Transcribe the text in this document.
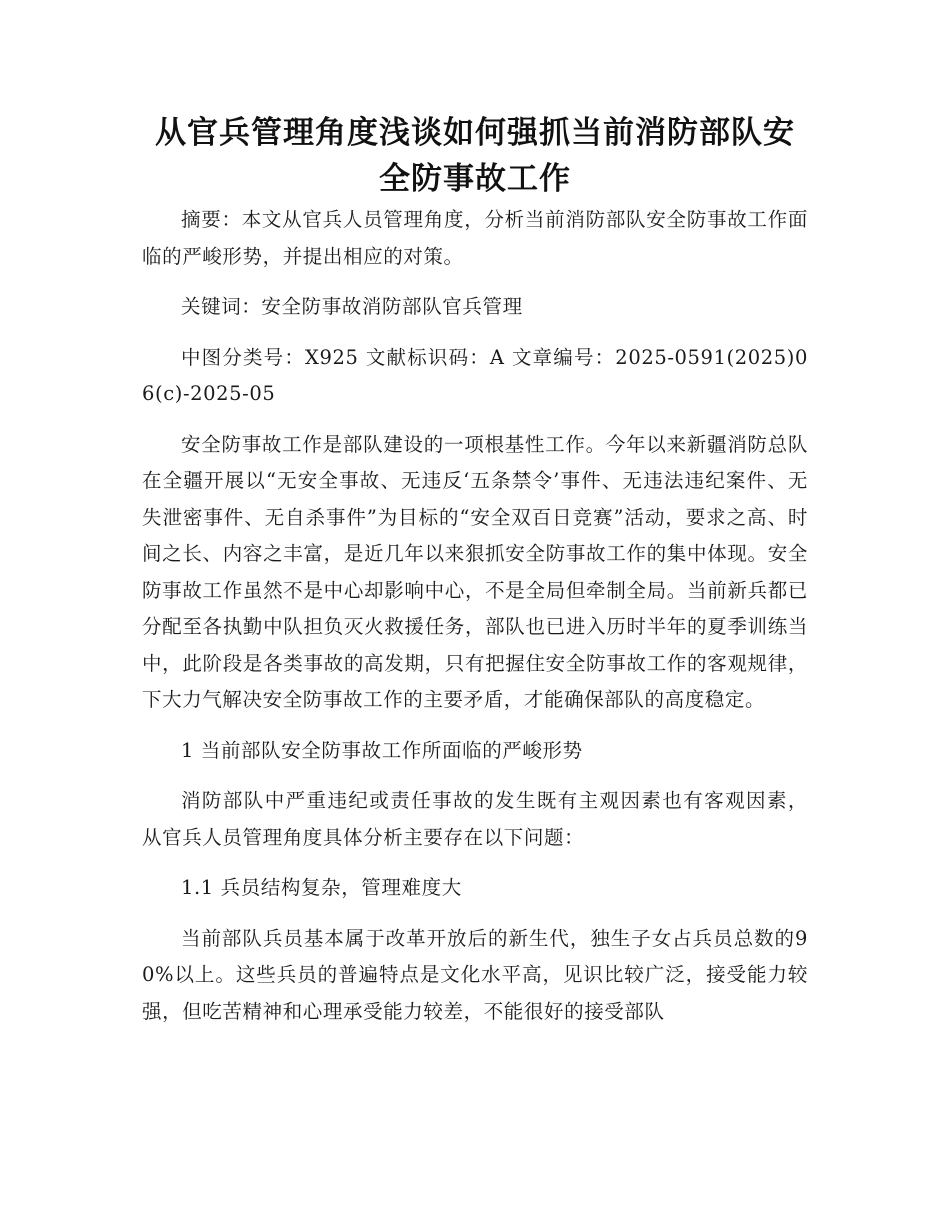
从官兵管理角度浅谈如何强抓当前消防部队安全防事故工作

摘要：本文从官兵人员管理角度，分析当前消防部队安全防事故工作面临的严峻形势，并提出相应的对策。

关键词：安全防事故消防部队官兵管理

中图分类号：X925 文献标识码：A 文章编号：2025-0591(2025)06(c)-2025-05

安全防事故工作是部队建设的一项根基性工作。今年以来新疆消防总队在全疆开展以“无安全事故、无违反‘五条禁令’事件、无违法违纪案件、无失泄密事件、无自杀事件”为目标的“安全双百日竞赛”活动，要求之高、时间之长、内容之丰富，是近几年以来狠抓安全防事故工作的集中体现。安全防事故工作虽然不是中心却影响中心，不是全局但牵制全局。当前新兵都已分配至各执勤中队担负灭火救援任务，部队也已进入历时半年的夏季训练当中，此阶段是各类事故的高发期，只有把握住安全防事故工作的客观规律，下大力气解决安全防事故工作的主要矛盾，才能确保部队的高度稳定。

1 当前部队安全防事故工作所面临的严峻形势

消防部队中严重违纪或责任事故的发生既有主观因素也有客观因素， 从官兵人员管理角度具体分析主要存在以下问题：

1.1 兵员结构复杂，管理难度大

当前部队兵员基本属于改革开放后的新生代，独生子女占兵员总数的90%以上。这些兵员的普遍特点是文化水平高，见识比较广泛，接受能力较强，但吃苦精神和心理承受能力较差，不能很好的接受部队
